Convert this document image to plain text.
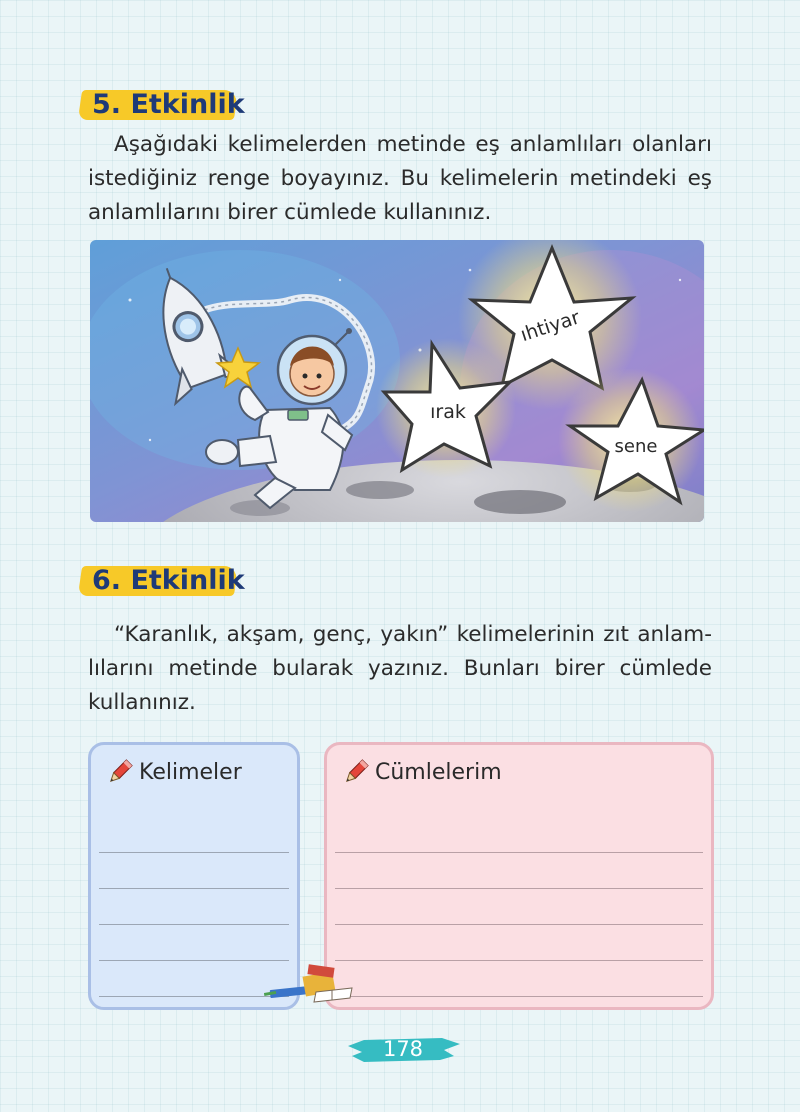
5. Etkinlik
Aşağıdaki kelimelerden metinde eş anlamlıları olanları
istediğiniz renge boyayınız. Bu kelimelerin metindeki eş
anlamlılarını birer cümlede kullanınız.
ıhtiyar
ırak
sene
6. Etkinlik
“Karanlık, akşam, genç, yakın” kelimelerinin zıt anlam-
lılarını metinde bularak yazınız. Bunları birer cümlede
kullanınız.
Kelimeler	Cümlelerim
178
